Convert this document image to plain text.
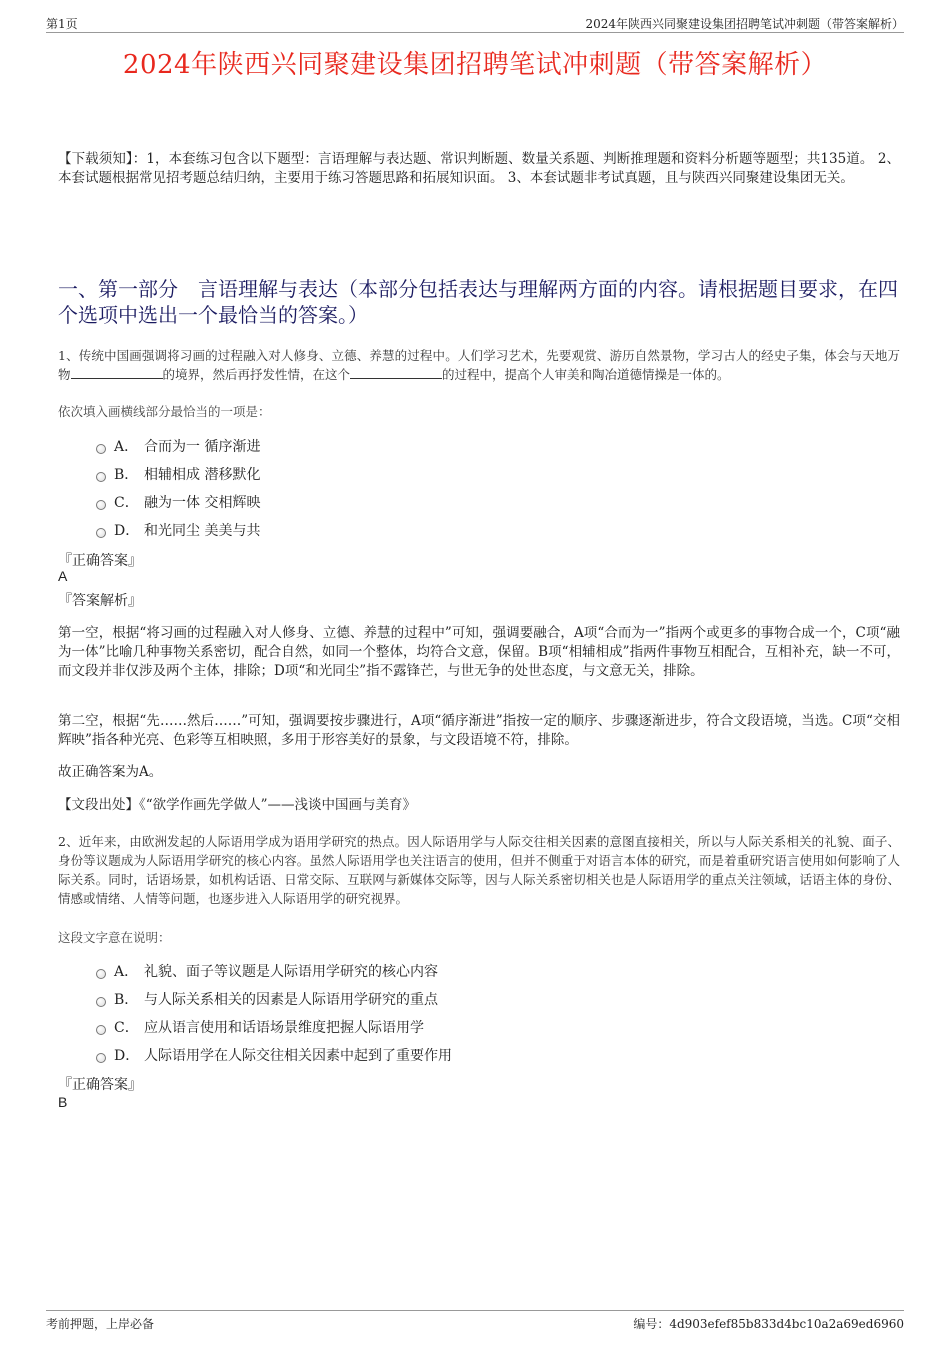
第1页	2024年陕西兴同聚建设集团招聘笔试冲刺题（带答案解析）
2024年陕西兴同聚建设集团招聘笔试冲刺题（带答案解析）
【下载须知】：1，本套练习包含以下题型：言语理解与表达题、常识判断题、数量关系题、判断推理题和资料分析题等题型；共135道。 2、本套试题根据常见招考题总结归纳，主要用于练习答题思路和拓展知识面。 3、本套试题非考试真题，且与陕西兴同聚建设集团无关。
一、第一部分　言语理解与表达（本部分包括表达与理解两方面的内容。请根据题目要求，在四个选项中选出一个最恰当的答案。）

1、传统中国画强调将习画的过程融入对人修身、立德、养慧的过程中。人们学习艺术，先要观赏、游历自然景物，学习古人的经史子集，体会与天地万物	的境界，然后再抒发性情，在这个	的过程中，提高个人审美和陶冶道德情操是一体的。

依次填入画横线部分最恰当的一项是：
A． 合而为一 循序渐进
B． 相辅相成 潜移默化
C． 融为一体 交相辉映
D． 和光同尘 美美与共
『正确答案』
A
『答案解析』

第一空，根据“将习画的过程融入对人修身、立德、养慧的过程中”可知，强调要融合，A项“合而为一”指两个或更多的事物合成一个，C项“融为一体”比喻几种事物关系密切，配合自然，如同一个整体，均符合文意，保留。B项“相辅相成”指两件事物互相配合，互相补充，缺一不可，而文段并非仅涉及两个主体，排除；D项“和光同尘”指不露锋芒，与世无争的处世态度，与文意无关，排除。

第二空，根据“先……然后……”可知，强调要按步骤进行，A项“循序渐进”指按一定的顺序、步骤逐渐进步，符合文段语境，当选。C项“交相辉映”指各种光亮、色彩等互相映照，多用于形容美好的景象，与文段语境不符，排除。

故正确答案为A。

【文段出处】《“欲学作画先学做人”——浅谈中国画与美育》

2、近年来，由欧洲发起的人际语用学成为语用学研究的热点。因人际语用学与人际交往相关因素的意图直接相关，所以与人际关系相关的礼貌、面子、身份等议题成为人际语用学研究的核心内容。虽然人际语用学也关注语言的使用，但并不侧重于对语言本体的研究，而是着重研究语言使用如何影响了人际关系。同时，话语场景，如机构话语、日常交际、互联网与新媒体交际等，因与人际关系密切相关也是人际语用学的重点关注领域，话语主体的身份、情感或情绪、人情等问题，也逐步进入人际语用学的研究视界。

这段文字意在说明：
A． 礼貌、面子等议题是人际语用学研究的核心内容
B． 与人际关系相关的因素是人际语用学研究的重点
C． 应从语言使用和话语场景维度把握人际语用学
D． 人际语用学在人际交往相关因素中起到了重要作用
『正确答案』
B
考前押题，上岸必备	编号：4d903efef85b833d4bc10a2a69ed6960
